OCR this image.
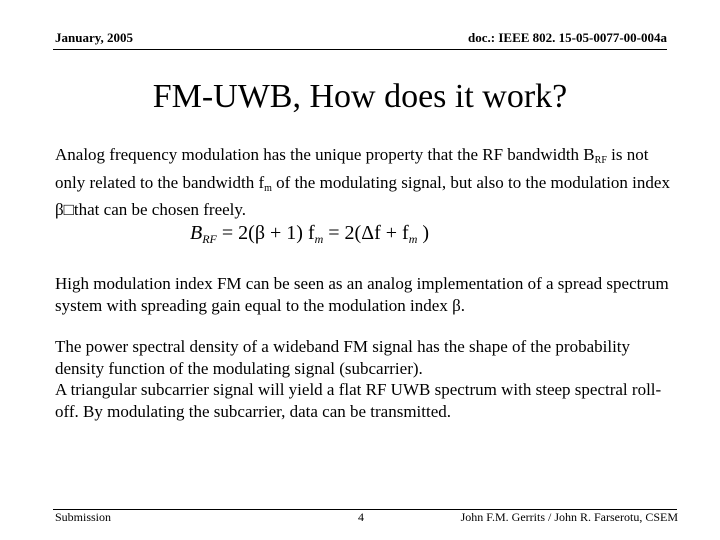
January, 2005	doc.: IEEE 802. 15-05-0077-00-004a
FM-UWB, How does it work?
Analog frequency modulation has the unique property that the RF bandwidth $B_{RF}$ is not only related to the bandwidth $f_m$ of the modulating signal, but also to the modulation index β□that can be chosen freely.
$B_{RF} = 2(\beta + 1) f_m = 2(\Delta f + f_m$ )
High modulation index FM can be seen as an analog implementation of a spread spectrum system with spreading gain equal to the modulation index β.
The power spectral density of a wideband FM signal has the shape of the probability density function of the modulating signal (subcarrier).
A triangular subcarrier signal will yield a flat RF UWB spectrum with steep spectral roll-off. By modulating the subcarrier, data can be transmitted.
Submission	4	John F.M. Gerrits / John R. Farserotu, CSEM
